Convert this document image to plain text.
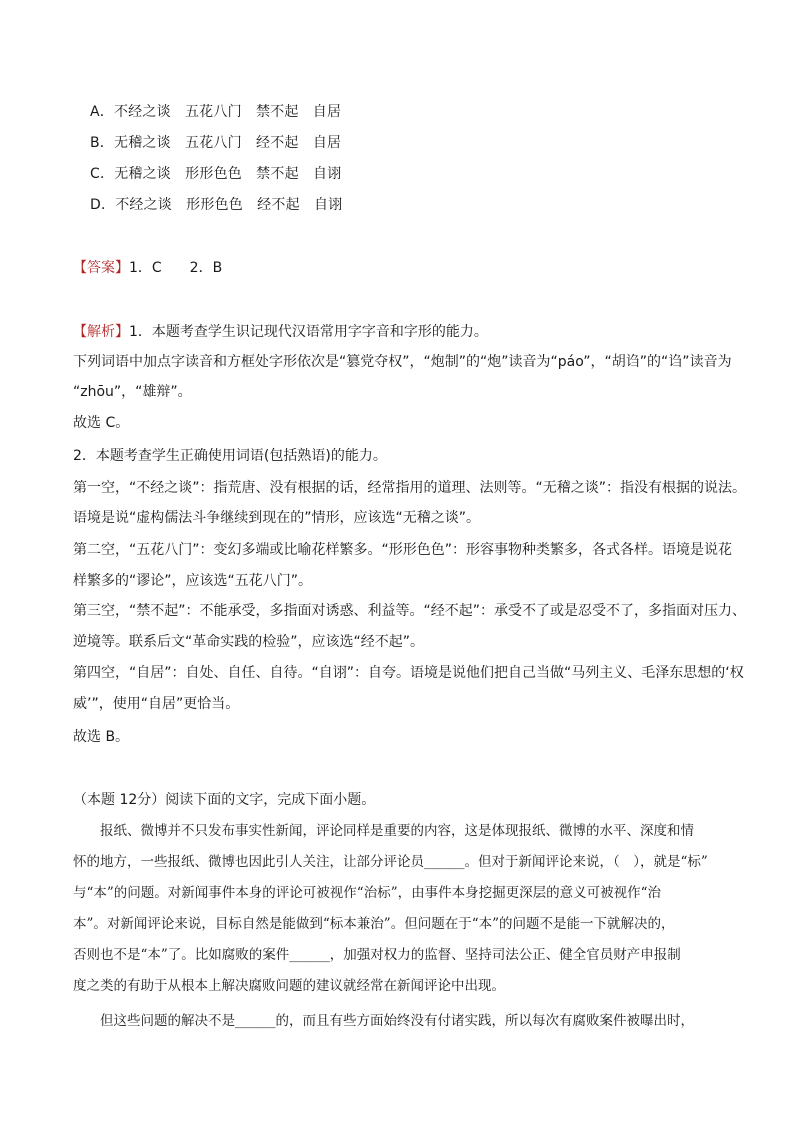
A．不经之谈　五花八门　禁不起　自居
B．无稽之谈　五花八门　经不起　自居
C．无稽之谈　形形色色　禁不起　自诩
D．不经之谈　形形色色　经不起　自诩
【答案】1．C　　2．B
【解析】1．本题考查学生识记现代汉语常用字字音和字形的能力。
下列词语中加点字读音和方框处字形依次是“篡党夺权”，“炮制”的“炮”读音为“páo”，“胡诌”的“诌”读音为
“zhōu”，“雄辩”。
故选 C。
2．本题考查学生正确使用词语(包括熟语)的能力。
第一空，“不经之谈”：指荒唐、没有根据的话，经常指用的道理、法则等。“无稽之谈”：指没有根据的说法。
语境是说“虚构儒法斗争继续到现在的”情形，应该选“无稽之谈”。
第二空，“五花八门”：变幻多端或比喻花样繁多。“形形色色”：形容事物种类繁多，各式各样。语境是说花
样繁多的“谬论”，应该选“五花八门”。
第三空，“禁不起”：不能承受，多指面对诱惑、利益等。“经不起”：承受不了或是忍受不了，多指面对压力、
逆境等。联系后文“革命实践的检验”，应该选“经不起”。
第四空，“自居”：自处、自任、自待。“自诩”：自夸。语境是说他们把自己当做“马列主义、毛泽东思想的‘权
威’”，使用“自居”更恰当。
故选 B。
（本题 12分）阅读下面的文字，完成下面小题。
　　报纸、微博并不只发布事实性新闻，评论同样是重要的内容，这是体现报纸、微博的水平、深度和情
怀的地方，一些报纸、微博也因此引人关注，让部分评论员______。但对于新闻评论来说，（　），就是“标”
与“本”的问题。对新闻事件本身的评论可被视作“治标”，由事件本身挖掘更深层的意义可被视作“治
本”。对新闻评论来说，目标自然是能做到“标本兼治”。但问题在于“本”的问题不是能一下就解决的，
否则也不是“本”了。比如腐败的案件______，加强对权力的监督、坚持司法公正、健全官员财产申报制
度之类的有助于从根本上解决腐败问题的建议就经常在新闻评论中出现。
　　但这些问题的解决不是______的，而且有些方面始终没有付诸实践，所以每次有腐败案件被曝出时，
